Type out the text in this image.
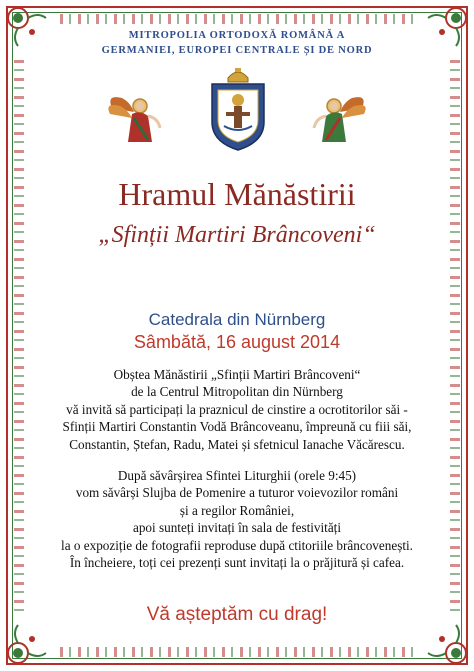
MITROPOLIA ORTODOXĂ ROMÂNĂ A
GERMANIEI, EUROPEI CENTRALE ȘI DE NORD
Hramul Mănăstirii
„Sfinții Martiri Brâncoveni“
Catedrala din Nürnberg
Sâmbătă, 16 august 2014
Obștea Mănăstirii „Sfinții Martiri Brâncoveni“
de la Centrul Mitropolitan din Nürnberg
vă invită să participați la praznicul de cinstire a ocrotitorilor săi -
Sfinții Martiri Constantin Vodă Brâncoveanu, împreună cu fiii săi,
Constantin, Ștefan, Radu, Matei și sfetnicul Ianache Văcărescu.
După săvârșirea Sfintei Liturghii (orele 9:45)
vom săvârși Slujba de Pomenire a tuturor voievozilor români
și a regilor României,
apoi sunteți invitați în sala de festivități
la o expoziție de fotografii reproduse după ctitoriile brâncovenești.
În încheiere, toți cei prezenți sunt invitați la o prăjitură și cafea.
Vă așteptăm cu drag!
